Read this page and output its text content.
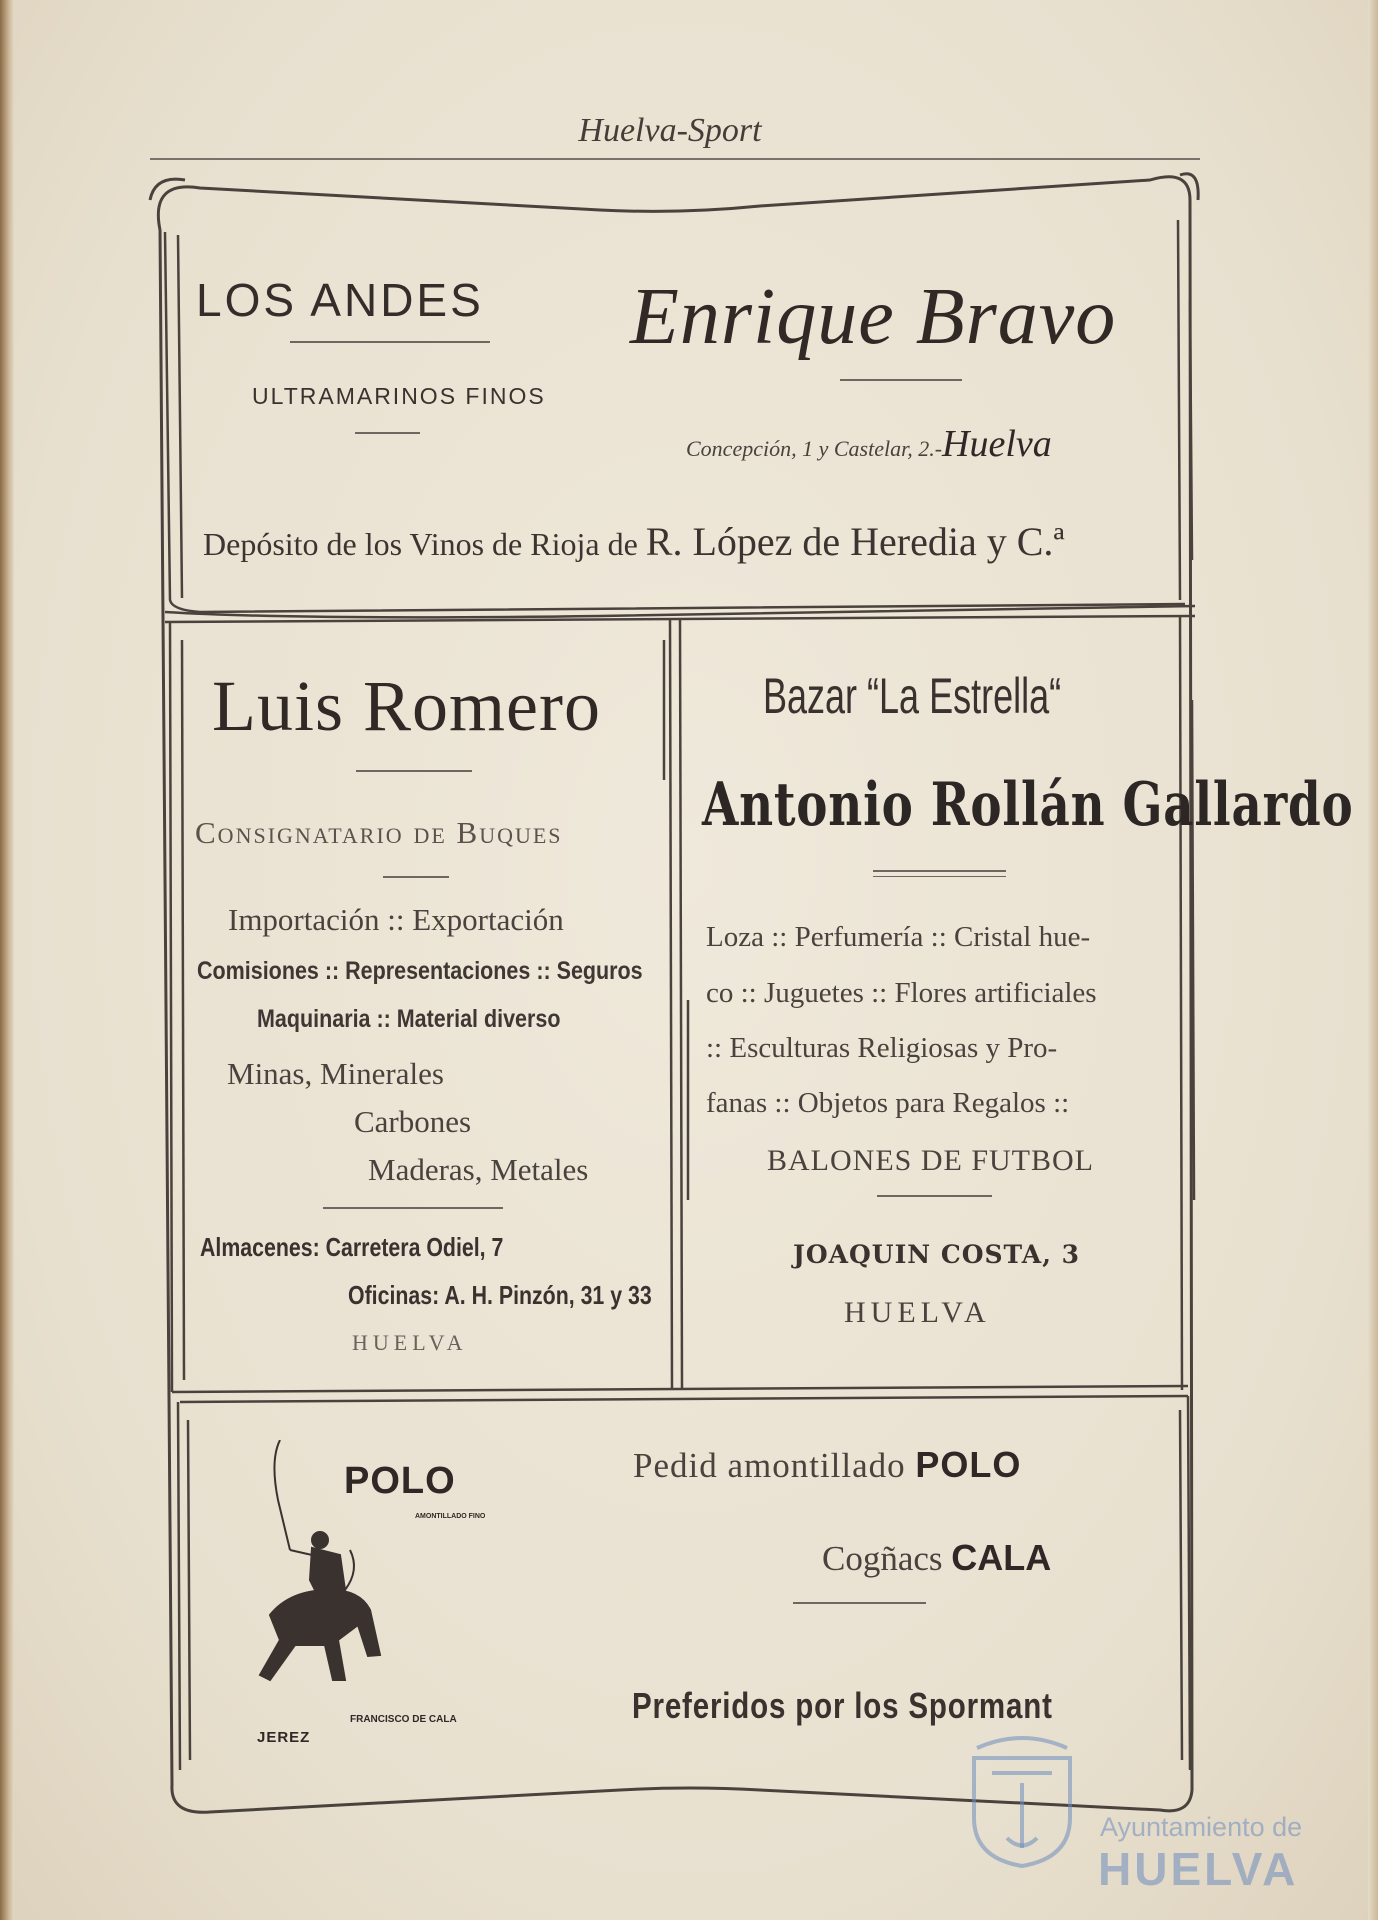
Huelva-Sport
LOS ANDES
ULTRAMARINOS FINOS
Enrique Bravo
Concepción, 1 y Castelar, 2.-Huelva
Depósito de los Vinos de Rioja de R. López de Heredia y C.ª
Luis Romero
Consignatario de Buques
Importación :: Exportación
Comisiones :: Representaciones :: Seguros
Maquinaria :: Material diverso
Minas, Minerales
Carbones
Maderas, Metales
Almacenes: Carretera Odiel, 7
Oficinas: A. H. Pinzón, 31 y 33
HUELVA
Bazar “La Estrella“
Antonio Rollán Gallardo
Loza :: Perfumería :: Cristal hue-
co :: Juguetes :: Flores artificiales
:: Esculturas Religiosas y Pro-
fanas :: Objetos para Regalos ::
BALONES DE FUTBOL
JOAQUIN COSTA, 3
HUELVA
POLO
AMONTILLADO FINO
FRANCISCO DE CALA
JEREZ
Pedid amontillado POLO
Cogñacs CALA
Preferidos por los Spormant
Ayuntamiento de
HUELVA
